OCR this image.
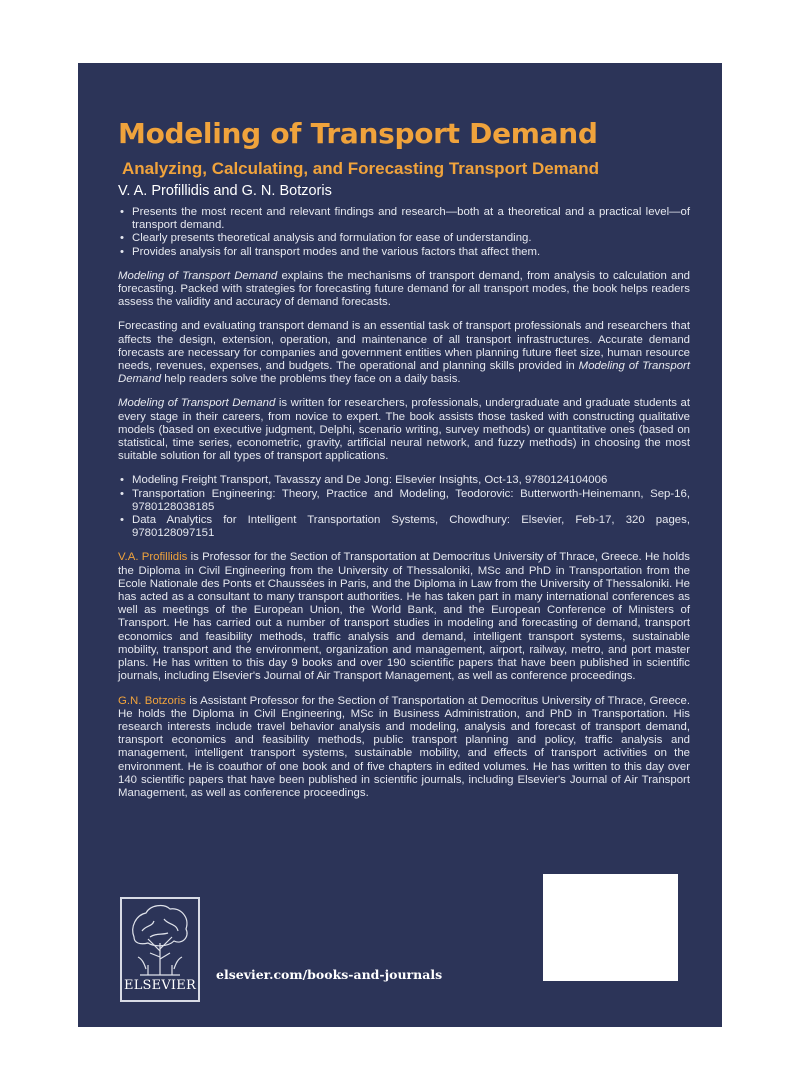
Modeling of Transport Demand
Analyzing, Calculating, and Forecasting Transport Demand

V. A. Profillidis and G. N. Botzoris

• Presents the most recent and relevant findings and research—both at a theoretical and a practical level—of transport demand.
• Clearly presents theoretical analysis and formulation for ease of understanding.
• Provides analysis for all transport modes and the various factors that affect them.

Modeling of Transport Demand explains the mechanisms of transport demand, from analysis to calculation and forecasting. Packed with strategies for forecasting future demand for all transport modes, the book helps readers assess the validity and accuracy of demand forecasts.

Forecasting and evaluating transport demand is an essential task of transport professionals and researchers that affects the design, extension, operation, and maintenance of all transport infrastructures. Accurate demand forecasts are necessary for companies and government entities when planning future fleet size, human resource needs, revenues, expenses, and budgets. The operational and planning skills provided in Modeling of Transport Demand help readers solve the problems they face on a daily basis.

Modeling of Transport Demand is written for researchers, professionals, undergraduate and graduate students at every stage in their careers, from novice to expert. The book assists those tasked with constructing qualitative models (based on executive judgment, Delphi, scenario writing, survey methods) or quantitative ones (based on statistical, time series, econometric, gravity, artificial neural network, and fuzzy methods) in choosing the most suitable solution for all types of transport applications.

• Modeling Freight Transport, Tavasszy and De Jong: Elsevier Insights, Oct-13, 9780124104006
• Transportation Engineering: Theory, Practice and Modeling, Teodorovic: Butterworth-Heinemann, Sep-16, 9780128038185
• Data Analytics for Intelligent Transportation Systems, Chowdhury: Elsevier, Feb-17, 320 pages, 9780128097151

V.A. Profillidis is Professor for the Section of Transportation at Democritus University of Thrace, Greece. He holds the Diploma in Civil Engineering from the University of Thessaloniki, MSc and PhD in Transportation from the Ecole Nationale des Ponts et Chaussées in Paris, and the Diploma in Law from the University of Thessaloniki. He has acted as a consultant to many transport authorities. He has taken part in many international conferences as well as meetings of the European Union, the World Bank, and the European Conference of Ministers of Transport. He has carried out a number of transport studies in modeling and forecasting of demand, transport economics and feasibility methods, traffic analysis and demand, intelligent transport systems, sustainable mobility, transport and the environment, organization and management, airport, railway, metro, and port master plans. He has written to this day 9 books and over 190 scientific papers that have been published in scientific journals, including Elsevier's Journal of Air Transport Management, as well as conference proceedings.

G.N. Botzoris is Assistant Professor for the Section of Transportation at Democritus University of Thrace, Greece. He holds the Diploma in Civil Engineering, MSc in Business Administration, and PhD in Transportation. His research interests include travel behavior analysis and modeling, analysis and forecast of transport demand, transport economics and feasibility methods, public transport planning and policy, traffic analysis and management, intelligent transport systems, sustainable mobility, and effects of transport activities on the environment. He is coauthor of one book and of five chapters in edited volumes. He has written to this day over 140 scientific papers that have been published in scientific journals, including Elsevier's Journal of Air Transport Management, as well as conference proceedings.

ELSEVIER

elsevier.com/books-and-journals
